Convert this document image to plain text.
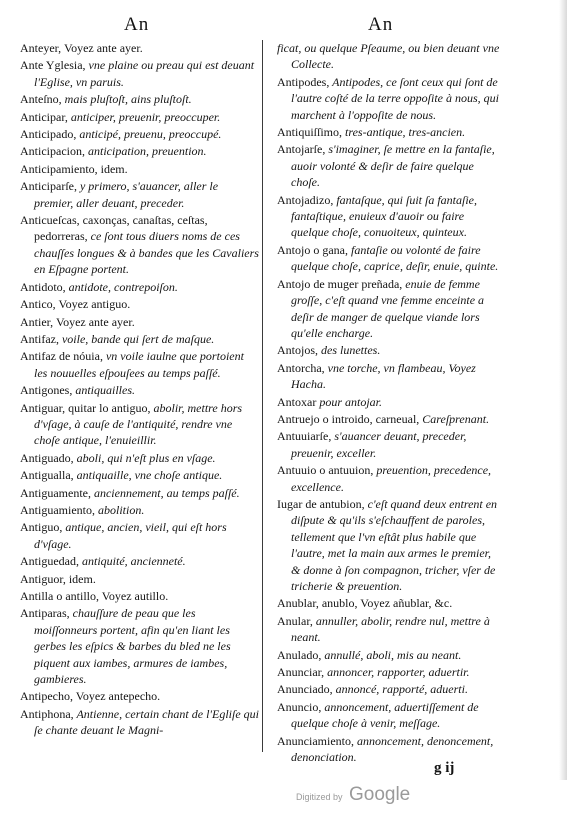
An	An
Anteyer, Voyez ante ayer.
Ante Yglesia, vne plaine ou preau qui est deuant l'Eglise, vn paruis.
Anteſno, mais pluſtoſt, ains pluſtoſt.
Anticipar, anticiper, preuenir, preoccuper.
Anticipado, anticipé, preuenu, preoccupé.
Anticipacion, anticipation, preuention.
Anticipamiento, idem.
Anticiparſe, y primero, s'auancer, aller le premier, aller deuant, preceder.
Anticueſcas, caxonças, canaſtas, ceſtas, pedorreras, ce ſont tous diuers noms de ces chauſſes longues & à bandes que les Cavaliers en Eſpagne portent.
Antidoto, antidote, contrepoiſon.
Antico, Voyez antiguo.
Antier, Voyez ante ayer.
Antifaz, voile, bande qui ſert de maſque.
Antifaz de nóuia, vn voile iaulne que portoient les nouuelles eſpouſees au temps paſſé.
Antigones, antiquailles.
Antiguar, quitar lo antiguo, abolir, mettre hors d'vſage, à cauſe de l'antiquité, rendre vne choſe antique, l'enuieillir.
Antiguado, aboli, qui n'eſt plus en vſage.
Antigualla, antiquaille, vne choſe antique.
Antiguamente, anciennement, au temps paſſé.
Antiguamiento, abolition.
Antiguo, antique, ancien, vieil, qui eſt hors d'vſage.
Antiguedad, antiquité, ancienneté.
Antiguor, idem.
Antilla o antillo, Voyez autillo.
Antiparas, chauſſure de peau que les moiſſonneurs portent, afin qu'en liant les gerbes les eſpics & barbes du bled ne les piquent aux iambes, armures de iambes, gambieres.
Antipecho, Voyez antepecho.
Antiphona, Antienne, certain chant de l'Egliſe qui ſe chante deuant le Magni-
ficat, ou quelque Pſeaume, ou bien deuant vne Collecte.
Antipodes, Antipodes, ce ſont ceux qui ſont de l'autre coſté de la terre oppoſite à nous, qui marchent à l'oppoſite de nous.
Antiquiſſimo, tres-antique, tres-ancien.
Antojarſe, s'imaginer, ſe mettre en la fantaſie, auoir volonté & deſir de faire quelque choſe.
Antojadizo, fantaſque, qui ſuit ſa fantaſie, fantaſtique, enuieux d'auoir ou faire quelque choſe, conuoiteux, quinteux.
Antojo o gana, fantaſie ou volonté de faire quelque choſe, caprice, deſir, enuie, quinte.
Antojo de muger preñada, enuie de femme groſſe, c'eſt quand vne femme enceinte a deſir de manger de quelque viande lors qu'elle encharge.
Antojos, des lunettes.
Antorcha, vne torche, vn flambeau, Voyez Hacha.
Antoxar pour antojar.
Antruejo o introido, carneual, Careſprenant.
Antuuiarſe, s'auancer deuant, preceder, preuenir, exceller.
Antuuio o antuuion, preuention, precedence, excellence.
Iugar de antubion, c'eſt quand deux entrent en diſpute & qu'ils s'eſchauffent de paroles, tellement que l'vn eſtât plus habile que l'autre, met la main aux armes le premier, & donne à ſon compagnon, tricher, vſer de tricherie & preuention.
Anublar, anublo, Voyez añublar, &c.
Anular, annuller, abolir, rendre nul, mettre à neant.
Anulado, annullé, aboli, mis au neant.
Anunciar, annoncer, rapporter, aduertir.
Anunciado, annoncé, rapporté, aduerti.
Anuncio, annoncement, aduertiſſement de quelque choſe à venir, meſſage.
Anunciamiento, annoncement, denoncement, denonciation.
g ij
Digitized by Google
